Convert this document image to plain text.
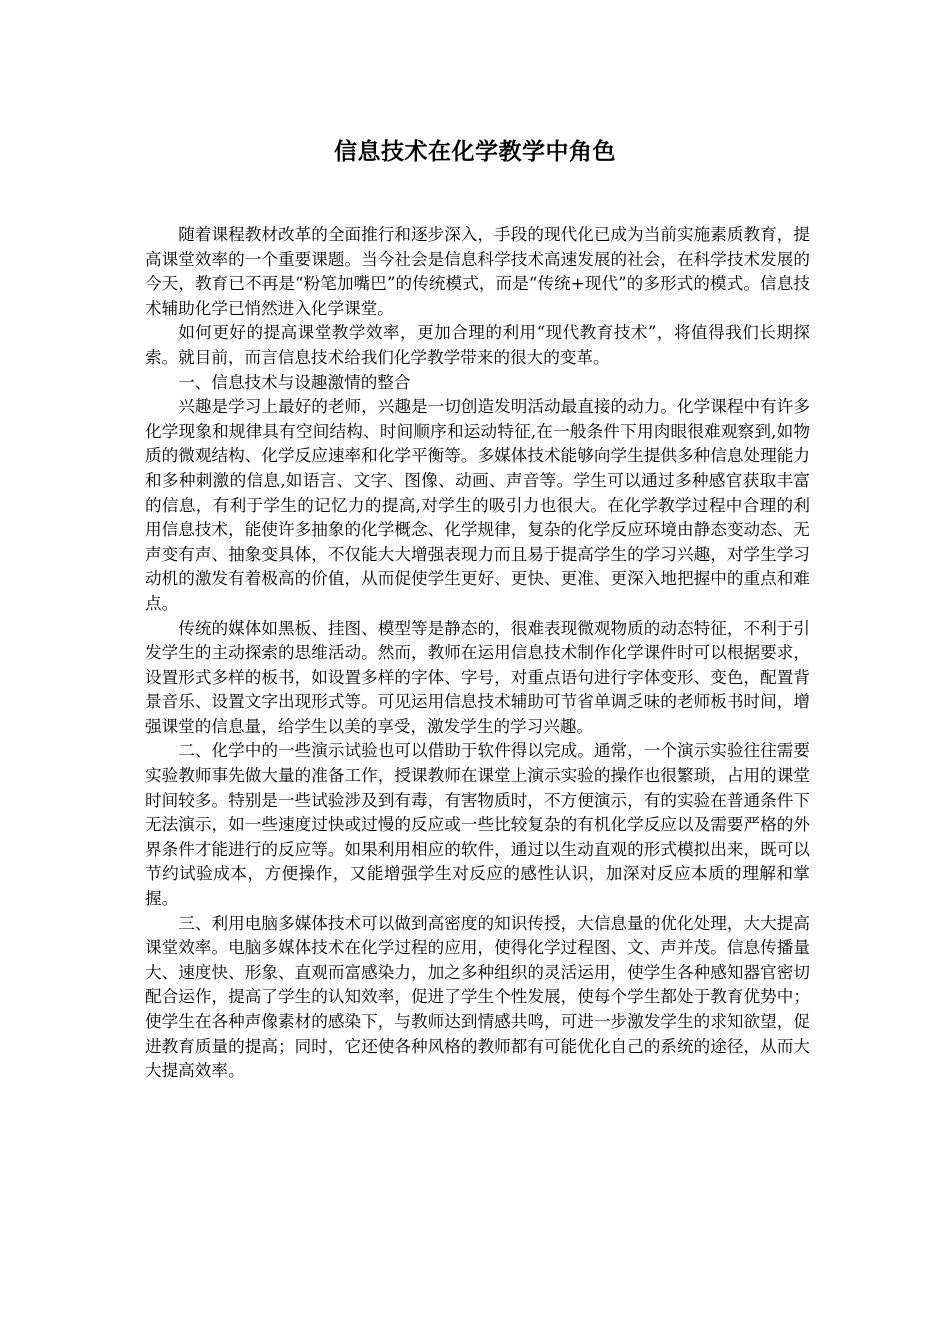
信息技术在化学教学中角色

随着课程教材改革的全面推行和逐步深入，手段的现代化已成为当前实施素质教育，提高课堂效率的一个重要课题。当今社会是信息科学技术高速发展的社会，在科学技术发展的今天，教育已不再是“粉笔加嘴巴”的传统模式，而是“传统+现代”的多形式的模式。信息技术辅助化学已悄然进入化学课堂。

如何更好的提高课堂教学效率，更加合理的利用“现代教育技术”，将值得我们长期探索。就目前，而言信息技术给我们化学教学带来的很大的变革。

一、信息技术与设趣激情的整合

兴趣是学习上最好的老师，兴趣是一切创造发明活动最直接的动力。化学课程中有许多化学现象和规律具有空间结构、时间顺序和运动特征,在一般条件下用肉眼很难观察到,如物质的微观结构、化学反应速率和化学平衡等。多媒体技术能够向学生提供多种信息处理能力和多种刺激的信息,如语言、文字、图像、动画、声音等。学生可以通过多种感官获取丰富的信息，有利于学生的记忆力的提高,对学生的吸引力也很大。在化学教学过程中合理的利用信息技术，能使许多抽象的化学概念、化学规律，复杂的化学反应环境由静态变动态、无声变有声、抽象变具体，不仅能大大增强表现力而且易于提高学生的学习兴趣，对学生学习动机的激发有着极高的价值，从而促使学生更好、更快、更准、更深入地把握中的重点和难点。

传统的媒体如黑板、挂图、模型等是静态的，很难表现微观物质的动态特征，不利于引发学生的主动探索的思维活动。然而，教师在运用信息技术制作化学课件时可以根据要求，设置形式多样的板书，如设置多样的字体、字号，对重点语句进行字体变形、变色，配置背景音乐、设置文字出现形式等。可见运用信息技术辅助可节省单调乏味的老师板书时间，增强课堂的信息量，给学生以美的享受，激发学生的学习兴趣。

二、化学中的一些演示试验也可以借助于软件得以完成。通常，一个演示实验往往需要实验教师事先做大量的准备工作，授课教师在课堂上演示实验的操作也很繁琐，占用的课堂时间较多。特别是一些试验涉及到有毒，有害物质时，不方便演示，有的实验在普通条件下无法演示，如一些速度过快或过慢的反应或一些比较复杂的有机化学反应以及需要严格的外界条件才能进行的反应等。如果利用相应的软件，通过以生动直观的形式模拟出来，既可以节约试验成本，方便操作，又能增强学生对反应的感性认识，加深对反应本质的理解和掌握。

三、利用电脑多媒体技术可以做到高密度的知识传授，大信息量的优化处理，大大提高课堂效率。电脑多媒体技术在化学过程的应用，使得化学过程图、文、声并茂。信息传播量大、速度快、形象、直观而富感染力，加之多种组织的灵活运用，使学生各种感知器官密切配合运作，提高了学生的认知效率，促进了学生个性发展，使每个学生都处于教育优势中；使学生在各种声像素材的感染下，与教师达到情感共鸣，可进一步激发学生的求知欲望，促进教育质量的提高；同时，它还使各种风格的教师都有可能优化自己的系统的途径，从而大大提高效率。
